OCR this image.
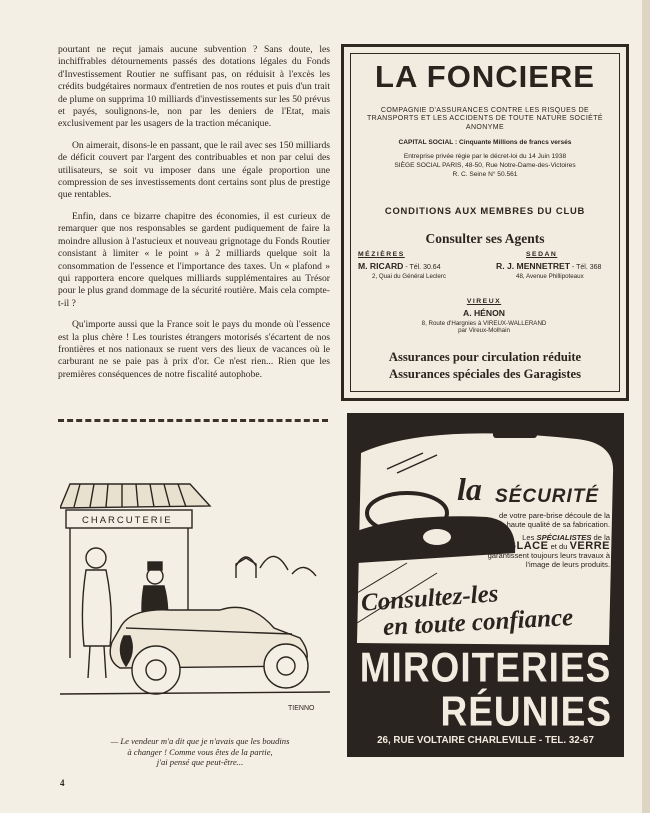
pourtant ne reçut jamais aucune subvention ? Sans doute, les inchiffrables détournements passés des dotations légales du Fonds d'Investissement Routier ne suffisant pas, on réduisit à l'excès les crédits budgétaires normaux d'entretien de nos routes et puis d'un trait de plume on supprima 10 milliards d'investissements sur les 50 prévus et payés, soulignons-le, non par les deniers de l'Etat, mais exclusivement par les usagers de la traction mécanique.

On aimerait, disons-le en passant, que le rail avec ses 150 milliards de déficit couvert par l'argent des contribuables et non par celui des utilisateurs, se soit vu imposer dans une égale proportion une compression de ses investissements dont certains sont plus de prestige que rentables.

Enfin, dans ce bizarre chapitre des économies, il est curieux de remarquer que nos responsables se gardent pudiquement de faire la moindre allusion à l'astucieux et nouveau grignotage du Fonds Routier consistant à limiter « le point » à 2 milliards quelque soit la consommation de l'essence et l'importance des taxes. Un « plafond » qui rapportera encore quelques milliards supplémentaires au Trésor pour le plus grand dommage de la sécurité routière. Mais cela compte-t-il ?

Qu'importe aussi que la France soit le pays du monde où l'essence est la plus chère ! Les touristes étrangers motorisés s'écartent de nos frontières et nos nationaux se ruent vers des lieux de vacances où le carburant ne se paie pas à prix d'or. Ce n'est rien... Rien que les premières conséquences de notre fiscalité autophobe.

CHARCUTERIE
TIENNO
— Le vendeur m'a dit que je n'avais que les boudins
à changer ! Comme vous êtes de la partie,
j'ai pensé que peut-être...
4
LA FONCIERE
COMPAGNIE D'ASSURANCES CONTRE LES RISQUES DE TRANSPORTS ET LES ACCIDENTS DE TOUTE NATURE SOCIÉTÉ ANONYME
CAPITAL SOCIAL : Cinquante Millions de francs versés
Entreprise privée régie par le décret-loi du 14 Juin 1938
SIÈGE SOCIAL PARIS, 48-50, Rue Notre-Dame-des-Victoires
R. C. Seine N° 50.561
CONDITIONS AUX MEMBRES DU CLUB
Consulter ses Agents
MÉZIÈRES
M. RICARD - Tél. 30.64
2, Quai du Général Leclerc
SEDAN
R. J. MENNETRET - Tél. 368
48, Avenue Phillipoteaux
VIREUX
A. HÉNON
8, Route d'Hargnies à VIREUX-WALLERAND
par Vireux-Molhain
Assurances pour circulation réduite
Assurances spéciales des Garagistes
la SÉCURITÉ
de votre pare-brise découle de la haute qualité de sa fabrication.
Les SPÉCIALISTES de la
GLACE et du VERRE
garantissent toujours leurs travaux à l'image de leurs produits.
Consultez-les
en toute confiance
MIROITERIES
RÉUNIES
26, RUE VOLTAIRE CHARLEVILLE - TEL. 32-67
